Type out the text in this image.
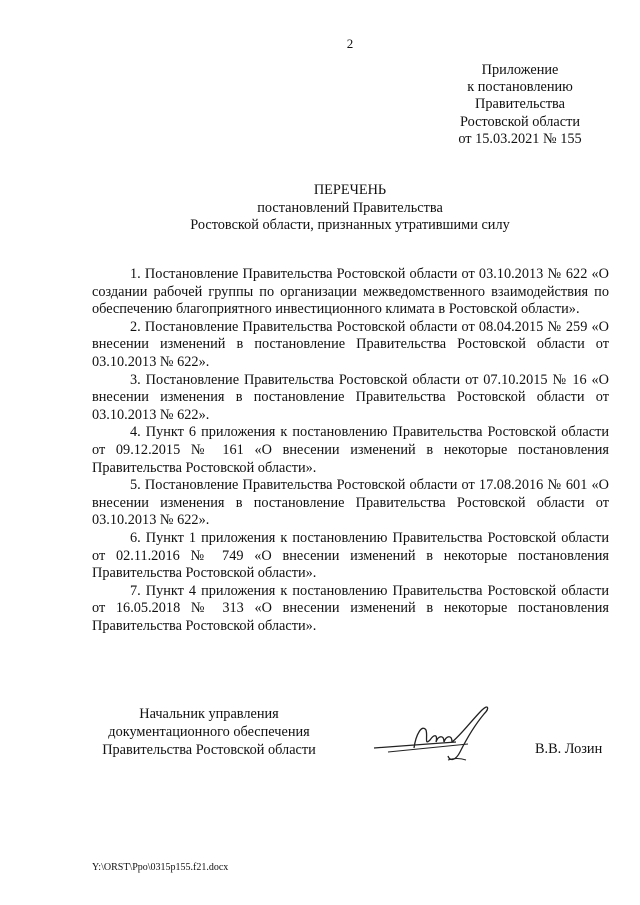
2
Приложение
к постановлению
Правительства
Ростовской области
от 15.03.2021 № 155
ПЕРЕЧЕНЬ
постановлений Правительства
Ростовской области, признанных утратившими силу

1. Постановление Правительства Ростовской области от 03.10.2013 № 622 «О создании рабочей группы по организации межведомственного взаимодействия по обеспечению благоприятного инвестиционного климата в Ростовской области».

2. Постановление Правительства Ростовской области от 08.04.2015 № 259 «О внесении изменений в постановление Правительства Ростовской области от 03.10.2013 № 622».

3. Постановление Правительства Ростовской области от 07.10.2015 № 16 «О внесении изменения в постановление Правительства Ростовской области от 03.10.2013 № 622».

4. Пункт 6 приложения к постановлению Правительства Ростовской области от 09.12.2015 № 161 «О внесении изменений в некоторые постановления Правительства Ростовской области».

5. Постановление Правительства Ростовской области от 17.08.2016 № 601 «О внесении изменения в постановление Правительства Ростовской области от 03.10.2013 № 622».

6. Пункт 1 приложения к постановлению Правительства Ростовской области от 02.11.2016 № 749 «О внесении изменений в некоторые постановления Правительства Ростовской области».

7. Пункт 4 приложения к постановлению Правительства Ростовской области от 16.05.2018 № 313 «О внесении изменений в некоторые постановления Правительства Ростовской области».

Начальник управления
документационного обеспечения
Правительства Ростовской области	В.В. Лозин
Y:\ORST\Ppo\0315p155.f21.docx
